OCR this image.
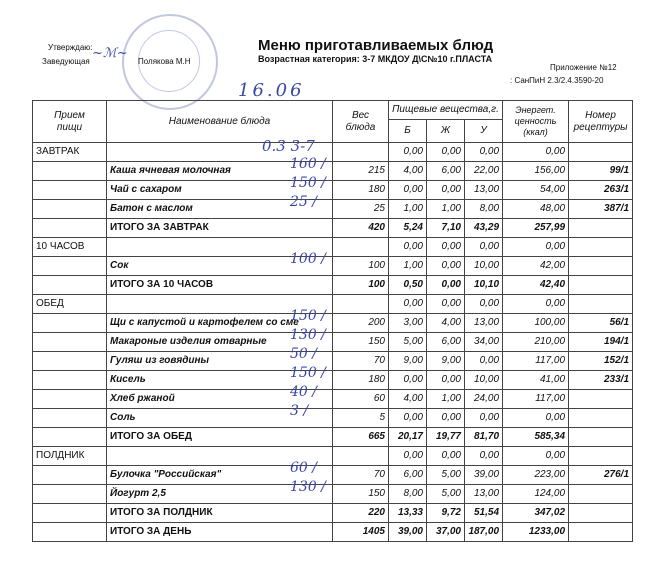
Утверждаю:
Заведующая	Полякова М.Н
~ℳ~	Меню приготавливаемых блюд
Возрастная категория: 3-7 МКДОУ Д\С№10 г.ПЛАСТА
Приложение №12
: СанПиН 2.3/2.4.3590-20
16.06
Прием
пищи	Наименование блюда	Вес
блюда	Пищевые вещества,г.			Энергет.
ценность
(ккал)	Номер
рецептуры
			Б	Ж	У		
ЗАВТРАК			0,00	0,00	0,00	0,00	
	Каша ячневая молочная	215	4,00	6,00	22,00	156,00	99/1
	Чай с сахаром	180	0,00	0,00	13,00	54,00	263/1
	Батон с маслом	25	1,00	1,00	8,00	48,00	387/1
	ИТОГО ЗА ЗАВТРАК	420	5,24	7,10	43,29	257,99	
10 ЧАСОВ			0,00	0,00	0,00	0,00	
	Сок	100	1,00	0,00	10,00	42,00	
	ИТОГО ЗА 10 ЧАСОВ	100	0,50	0,00	10,10	42,40	
ОБЕД			0,00	0,00	0,00	0,00	
	Щи с капустой и картофелем со сме	200	3,00	4,00	13,00	100,00	56/1
	Макароные изделия отварные	150	5,00	6,00	34,00	210,00	194/1
	Гуляш из говядины	70	9,00	9,00	0,00	117,00	152/1
	Кисель	180	0,00	0,00	10,00	41,00	233/1
	Хлеб ржаной	60	4,00	1,00	24,00	117,00	
	Соль	5	0,00	0,00	0,00	0,00	
	ИТОГО ЗА ОБЕД	665	20,17	19,77	81,70	585,34	
ПОЛДНИК			0,00	0,00	0,00	0,00	
	Булочка "Российская"	70	6,00	5,00	39,00	223,00	276/1
	Йогурт 2,5	150	8,00	5,00	13,00	124,00	
	ИТОГО ЗА ПОЛДНИК	220	13,33	9,72	51,54	347,02	
	ИТОГО ЗА ДЕНЬ	1405	39,00	37,00	187,00	1233,00	
0.3 3-7
160 /
150 /
25 /
100 /
150 /
130 /
50 /
150 /
40 /
3 /
60 /
130 /
